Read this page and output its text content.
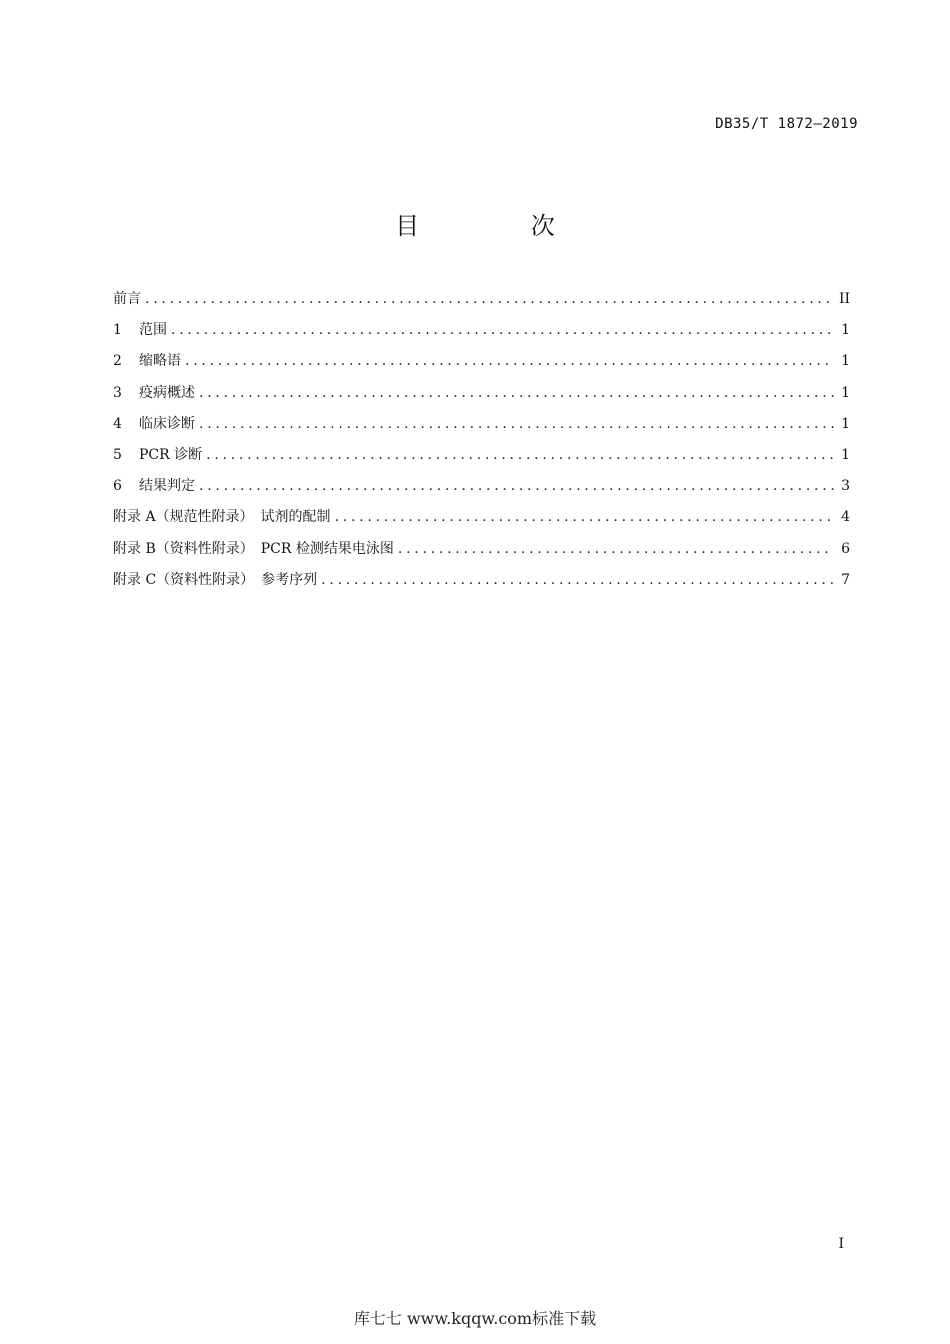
DB35/T 1872—2019
目 次
前言 . . .	II
1	范围 . . .	1
2	缩略语 . . .	1
3	疫病概述 . . .	1
4	临床诊断 . . .	1
5	PCR 诊断 . . .	1
6	结果判定 . . .	3
附录 A（规范性附录）　试剂的配制 . . .	4
附录 B（资料性附录）　PCR 检测结果电泳图 . . .	6
附录 C（资料性附录）　参考序列 . . .	7
I
库七七 www.kqqw.com标准下载
